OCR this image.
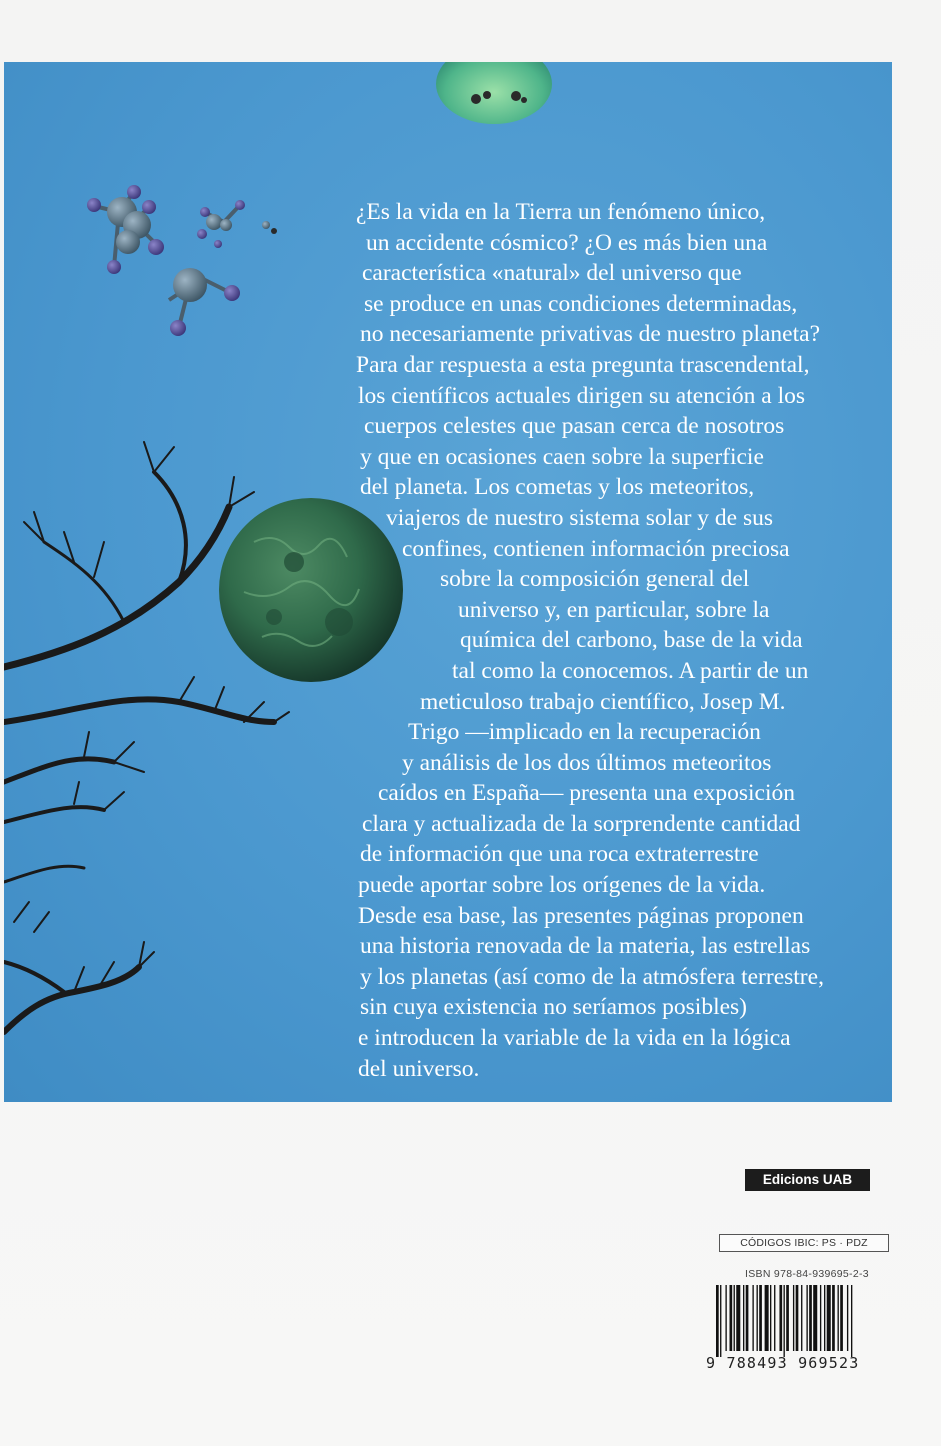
¿Es la vida en la Tierra un fenómeno único,
un accidente cósmico? ¿O es más bien una
característica «natural» del universo que
se produce en unas condiciones determinadas,
no necesariamente privativas de nuestro planeta?
Para dar respuesta a esta pregunta trascendental,
los científicos actuales dirigen su atención a los
cuerpos celestes que pasan cerca de nosotros
y que en ocasiones caen sobre la superficie
del planeta. Los cometas y los meteoritos,
viajeros de nuestro sistema solar y de sus
confines, contienen información preciosa
sobre la composición general del
universo y, en particular, sobre la
química del carbono, base de la vida
tal como la conocemos. A partir de un
meticuloso trabajo científico, Josep M.
Trigo —implicado en la recuperación
y análisis de los dos últimos meteoritos
caídos en España— presenta una exposición
clara y actualizada de la sorprendente cantidad
de información que una roca extraterrestre
puede aportar sobre los orígenes de la vida.
Desde esa base, las presentes páginas proponen
una historia renovada de la materia, las estrellas
y los planetas (así como de la atmósfera terrestre,
sin cuya existencia no seríamos posibles)
e introducen la variable de la vida en la lógica
del universo.

Edicions UAB
CÓDIGOS IBIC: PS · PDZ
ISBN 978-84-939695-2-3
9 788493 969523
